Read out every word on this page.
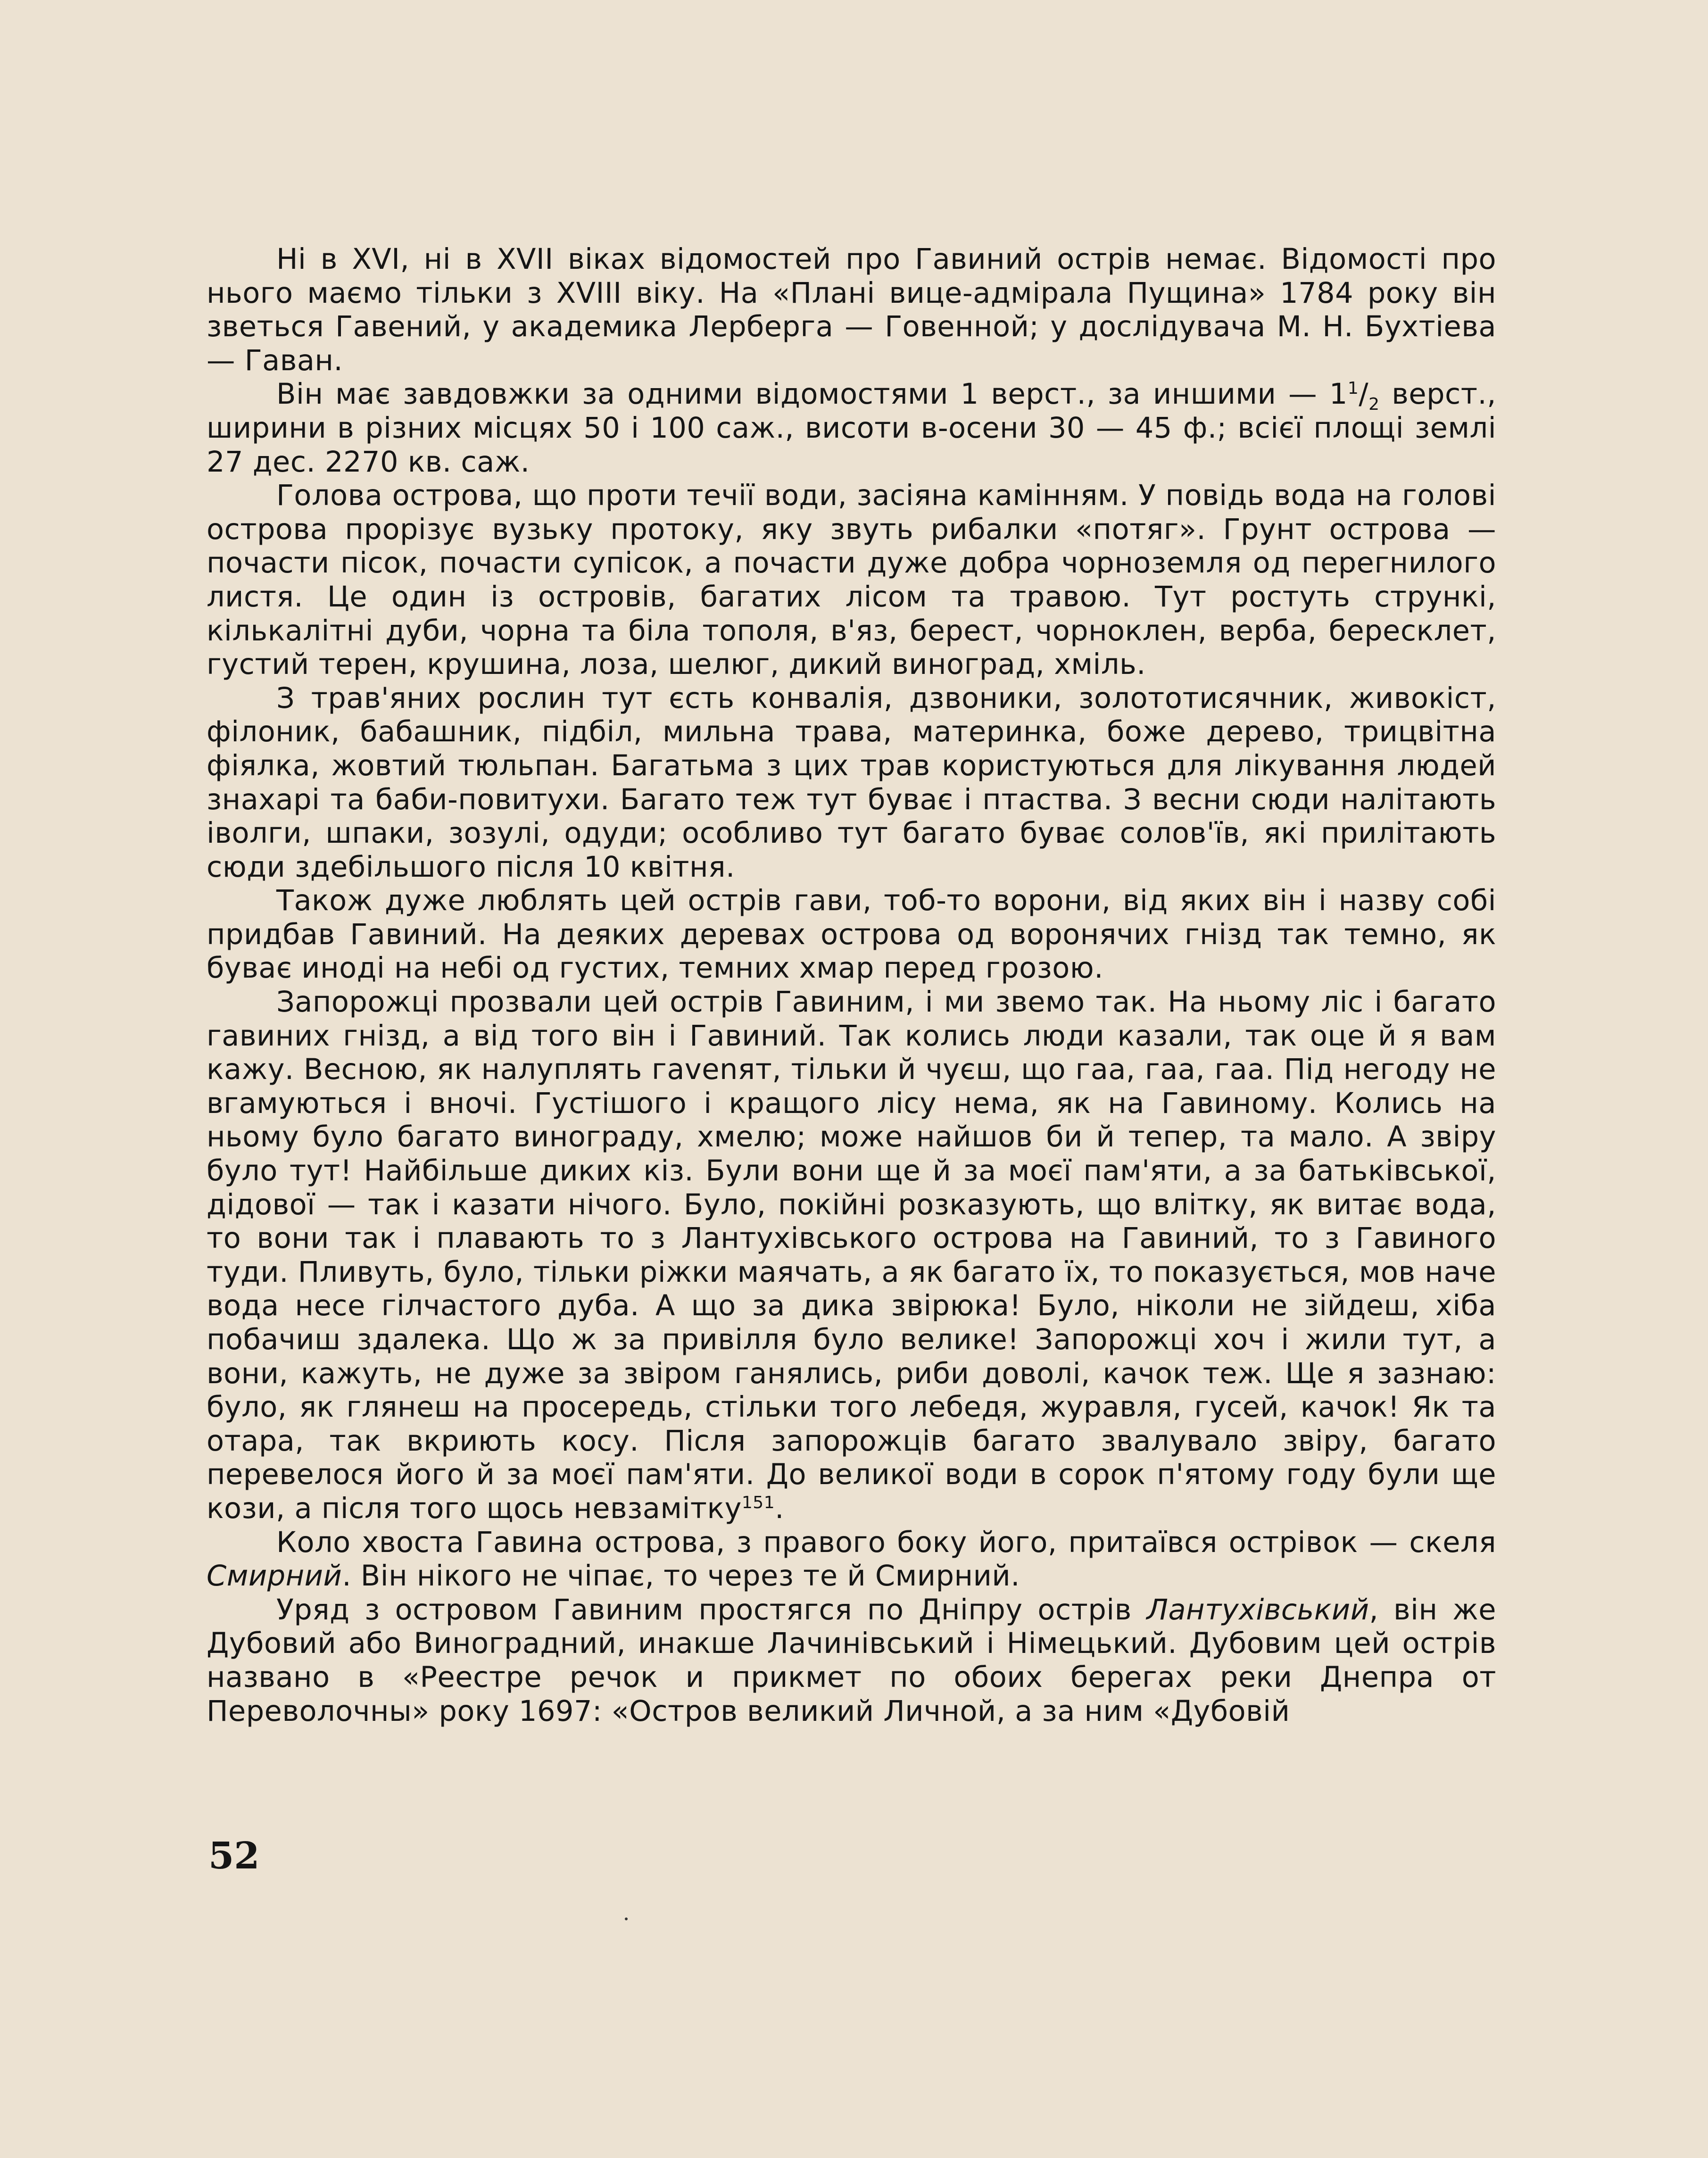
Ні в XVI, ні в XVII віках відомостей про Гавиний острів немає. Відомості про нього маємо тільки з XVIII віку. На «Плані вице-адмірала Пущина» 1784 року він зветься Гавений, у академика Лерберга — Говенной; у дослідувача М. Н. Бухтіева — Гаван.

Він має завдовжки за одними відомостями 1 верст., за иншими — $1^1/_2$ верст., ширини в різних місцях 50 і 100 саж., висоти в-осени 30 — 45 ф.; всієї площі землі 27 дес. 2270 кв. саж.

Голова острова, що проти течії води, засіяна камінням. У повідь вода на голові острова прорізує вузьку протоку, яку звуть рибалки «потяг». Грунт острова — почасти пісок, почасти супісок, а почасти дуже добра чорноземля од перегнилого листя. Це один із островів, багатих лісом та травою. Тут ростуть стрункі, кількалітні дуби, чорна та біла тополя, в'яз, берест, чорноклен, верба, бересклет, густий терен, крушина, лоза, шелюг, дикий виноград, хміль.

З трав'яних рослин тут єсть конвалія, дзвоники, золототисячник, живокіст, філоник, бабашник, підбіл, мильна трава, материнка, боже дерево, трицвітна фіялка, жовтий тюльпан. Багатьма з цих трав користуються для лікування людей знахарі та баби-повитухи. Багато теж тут буває і птаства. З весни сюди налітають іволги, шпаки, зозулі, одуди; особливо тут багато буває солов'їв, які прилітають сюди здебільшого після 10 квітня.

Також дуже люблять цей острів гави, тоб-то ворони, від яких він і назву собі придбав Гавиний. На деяких деревах острова од воронячих гнізд так темно, як буває иноді на небі од густих, темних хмар перед грозою.

Запорожці прозвали цей острів Гавиним, і ми звемо так. На ньому ліс і багато гавиних гнізд, а від того він і Гавиний. Так колись люди казали, так оце й я вам кажу. Весною, як налуплять гаvenят, тільки й чуєш, що гаа, гаа, гаа. Під негоду не вгамуються і вночі. Густішого і кращого лісу нема, як на Гавиному. Колись на ньому було багато винограду, хмелю; може найшов би й тепер, та мало. А звіру було тут! Найбільше диких кіз. Були вони ще й за моєї пам'яти, а за батьківської, дідової — так і казати нічого. Було, покійні розказують, що влітку, як витає вода, то вони так і плавають то з Лантухівського острова на Гавиний, то з Гавиного туди. Пливуть, було, тільки ріжки маячать, а як багато їх, то показується, мов наче вода несе гілчастого дуба. А що за дика звірюка! Було, ніколи не зійдеш, хіба побачиш здалека. Що ж за привілля було велике! Запорожці хоч і жили тут, а вони, кажуть, не дуже за звіром ганялись, риби доволі, качок теж. Ще я зазнаю: було, як глянеш на просередь, стільки того лебедя, журавля, гусей, качок! Як та отара, так вкриють косу. Після запорожців багато звалувало звіру, багато перевелося його й за моєї пам'яти. До великої води в сорок п'ятому году були ще кози, а після того щось невзамітку$^{151}$.

Коло хвоста Гавина острова, з правого боку його, притаївся острівок — скеля Смирний. Він нікого не чіпає, то через те й Смирний.

Уряд з островом Гавиним простягся по Дніпру острів Лантухівський, він же Дубовий або Виноградний, инакше Лачинівський і Німецький. Дубовим цей острів названо в «Реестре речок и прикмет по обоих берегах реки Днепра от Переволочны» року 1697: «Остров великий Личной, а за ним «Дубовій

52
